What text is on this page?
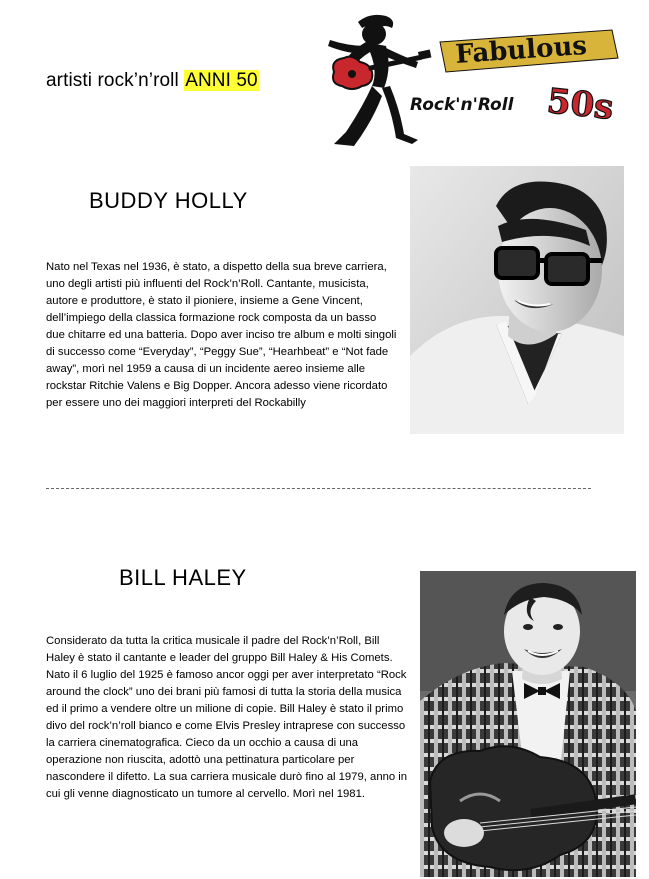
artisti rock’n’roll ANNI 50
Fabulous
50s
Rock'n'Roll
BUDDY HOLLY
Nato nel Texas nel 1936, è stato, a dispetto della sua breve carriera, uno degli artisti più influenti del Rock’n’Roll. Cantante, musicista, autore e produttore, è stato il pioniere, insieme a Gene Vincent, dell’impiego della classica formazione rock composta da un basso due chitarre ed una batteria. Dopo aver inciso tre album e molti singoli di successo come “Everyday”, “Peggy Sue”, “Hearhbeat” e “Not fade away”, morì nel 1959 a causa di un incidente aereo insieme alle rockstar Ritchie Valens e Big Dopper. Ancora adesso viene ricordato per essere uno dei maggiori interpreti del Rockabilly
BILL HALEY
Considerato da tutta la critica musicale il padre del Rock’n’Roll, Bill Haley è stato il cantante e leader del gruppo Bill Haley & His Comets. Nato il 6 luglio del 1925 è famoso ancor oggi per aver interpretato “Rock around the clock” uno dei brani più famosi di tutta la storia della musica ed il primo a vendere oltre un milione di copie. Bill Haley è stato il primo divo del rock’n’roll bianco e come Elvis Presley intraprese con successo la carriera cinematografica. Cieco da un occhio a causa di una operazione non riuscita, adottò una pettinatura particolare per nascondere il difetto. La sua carriera musicale durò fino al 1979, anno in cui gli venne diagnosticato un tumore al cervello. Morì nel 1981.
